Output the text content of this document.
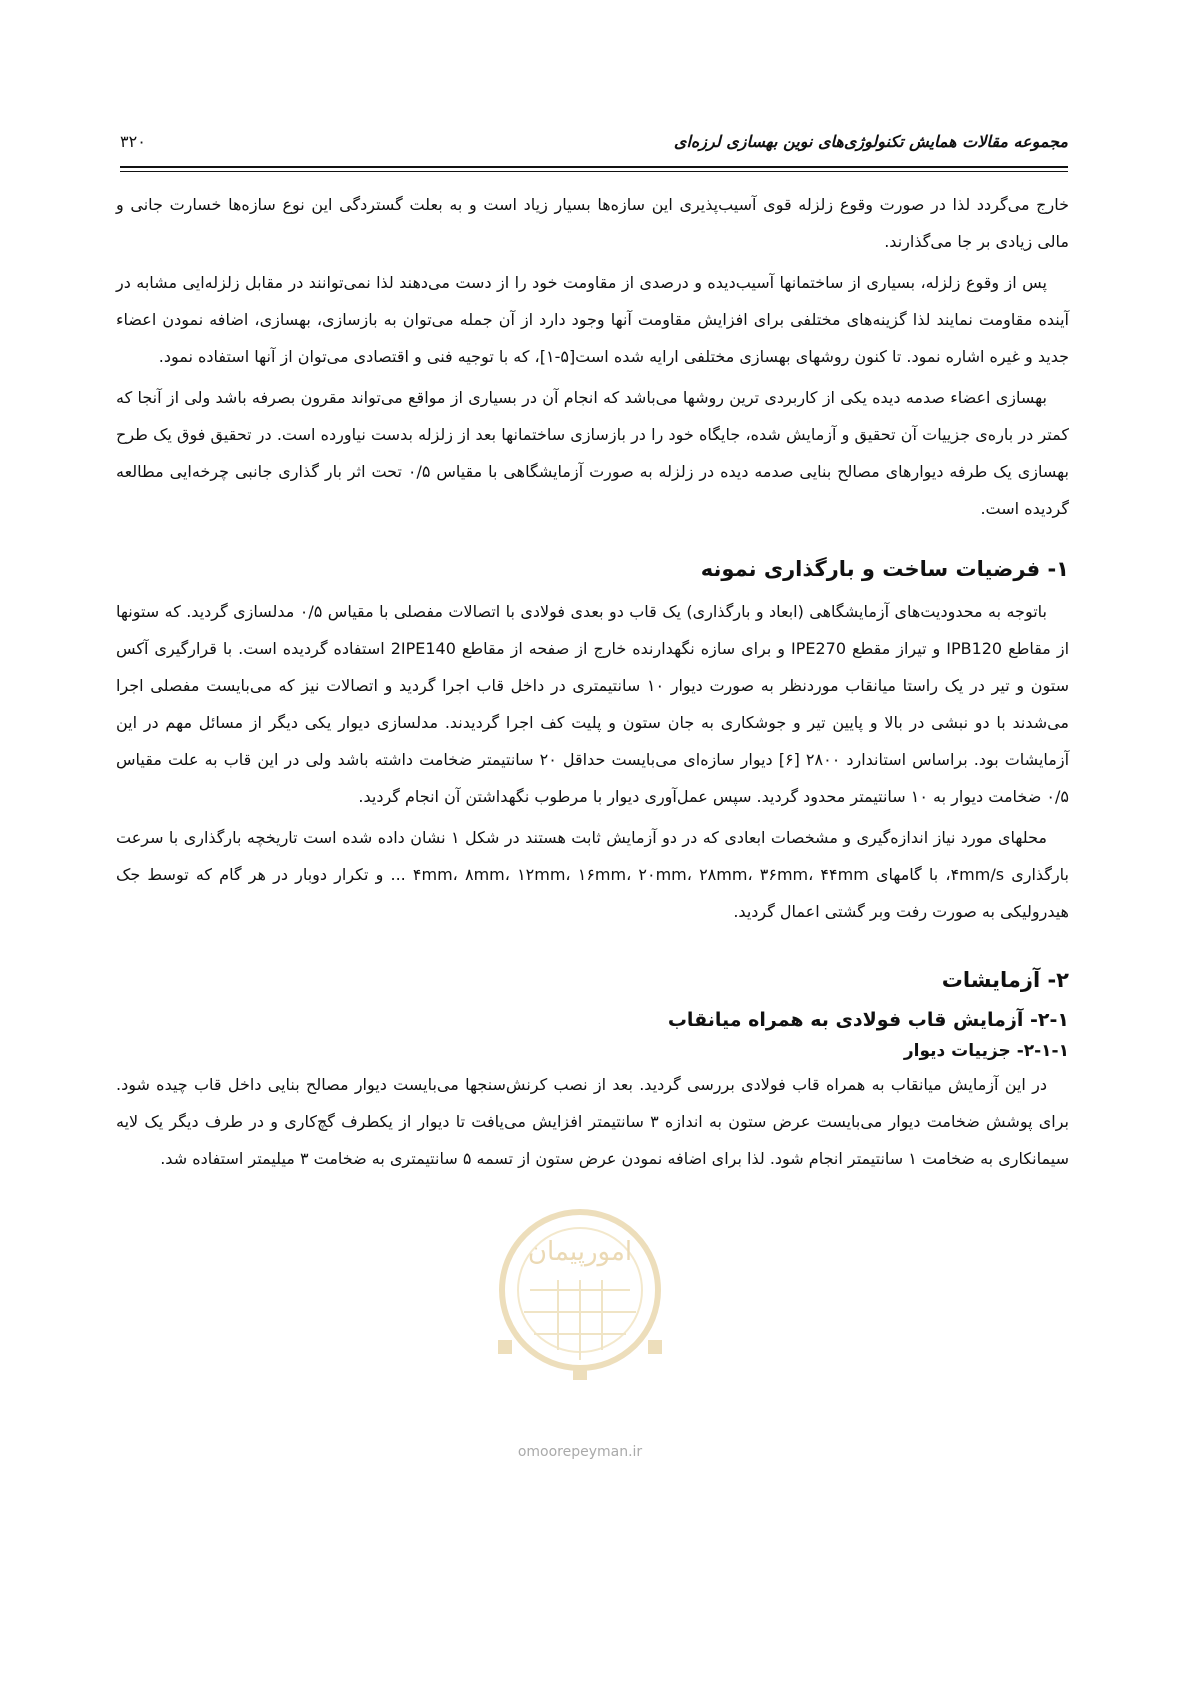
مجموعه مقالات همایش تکنولوژی‌های نوین بهسازی لرزه‌ای
۳۲۰

خارج می‌گردد لذا در صورت وقوع زلزله قوی آسیب‌پذیری این سازه‌ها بسیار زیاد است و به بعلت گستردگی این نوع سازه‌ها خسارت جانی و مالی زیادی بر جا می‌گذارند.

پس از وقوع زلزله، بسیاری از ساختمانها آسیب‌دیده و درصدی از مقاومت خود را از دست می‌دهند لذا نمی‌توانند در مقابل زلزله‌ایی مشابه در آینده مقاومت نمایند لذا گزینه‌های مختلفی برای افزایش مقاومت آنها وجود دارد از آن جمله می‌توان به بازسازی، بهسازی، اضافه نمودن اعضاء جدید و غیره اشاره نمود. تا کنون روشهای بهسازی مختلفی ارایه شده است[۵-۱]، که با توجیه فنی و اقتصادی می‌توان از آنها استفاده نمود.

بهسازی اعضاء صدمه دیده یکی از کاربردی ترین روشها می‌باشد که انجام آن در بسیاری از مواقع می‌تواند مقرون بصرفه باشد ولی از آنجا که کمتر در باره‌ی جزییات آن تحقیق و آزمایش شده، جایگاه خود را در بازسازی ساختمانها بعد از زلزله بدست نیاورده است. در تحقیق فوق یک طرح بهسازی یک طرفه دیوارهای مصالح بنایی صدمه دیده در زلزله به صورت آزمایشگاهی با مقیاس ۰/۵ تحت اثر بار گذاری جانبی چرخه‌ایی مطالعه گردیده است.

۱- فرضیات ساخت و بارگذاری نمونه

باتوجه به محدودیت‌های آزمایشگاهی (ابعاد و بارگذاری) یک قاب دو بعدی فولادی با اتصالات مفصلی با مقیاس ۰/۵ مدلسازی گردید. که ستونها از مقاطع IPB120 و تیراز مقطع IPE270 و برای سازه نگهدارنده خارج از صفحه از مقاطع 2IPE140 استفاده گردیده است. با قرارگیری آکس ستون و تیر در یک راستا میانقاب موردنظر به صورت دیوار ۱۰ سانتیمتری در داخل قاب اجرا گردید و اتصالات نیز که می‌بایست مفصلی اجرا می‌شدند با دو نبشی در بالا و پایین تیر و جوشکاری به جان ستون و پلیت کف اجرا گردیدند. مدلسازی دیوار یکی دیگر از مسائل مهم در این آزمایشات بود. براساس استاندارد ۲۸۰۰ [۶] دیوار سازه‌ای می‌بایست حداقل ۲۰ سانتیمتر ضخامت داشته باشد ولی در این قاب به علت مقیاس ۰/۵ ضخامت دیوار به ۱۰ سانتیمتر محدود گردید. سپس عمل‌آوری دیوار با مرطوب نگهداشتن آن انجام گردید.

محلهای مورد نیاز اندازه‌گیری و مشخصات ابعادی که در دو آزمایش ثابت هستند در شکل ۱ نشان داده شده است تاریخچه بارگذاری با سرعت بارگذاری ۴mm/s، با گامهای ۴mm، ۸mm، ۱۲mm، ۱۶mm، ۲۰mm، ۲۸mm، ۳۶mm، ۴۴mm ... و تکرار دوبار در هر گام که توسط جک هیدرولیکی به صورت رفت وبر گشتی اعمال گردید.

۲- آزمایشات
۲-۱- آزمایش قاب فولادی به همراه میانقاب
۲-۱-۱- جزییات دیوار

در این آزمایش میانقاب به همراه قاب فولادی بررسی گردید. بعد از نصب کرنش‌سنجها می‌بایست دیوار مصالح بنایی داخل قاب چیده شود. برای پوشش ضخامت دیوار می‌بایست عرض ستون به اندازه ۳ سانتیمتر افزایش می‌یافت تا دیوار از یکطرف گچ‌کاری و در طرف دیگر یک لایه سیمانکاری به ضخامت ۱ سانتیمتر انجام شود. لذا برای اضافه نمودن عرض ستون از تسمه ۵ سانتیمتری به ضخامت ۳ میلیمتر استفاده شد.

امورپیمان
omoorepeyman.ir
